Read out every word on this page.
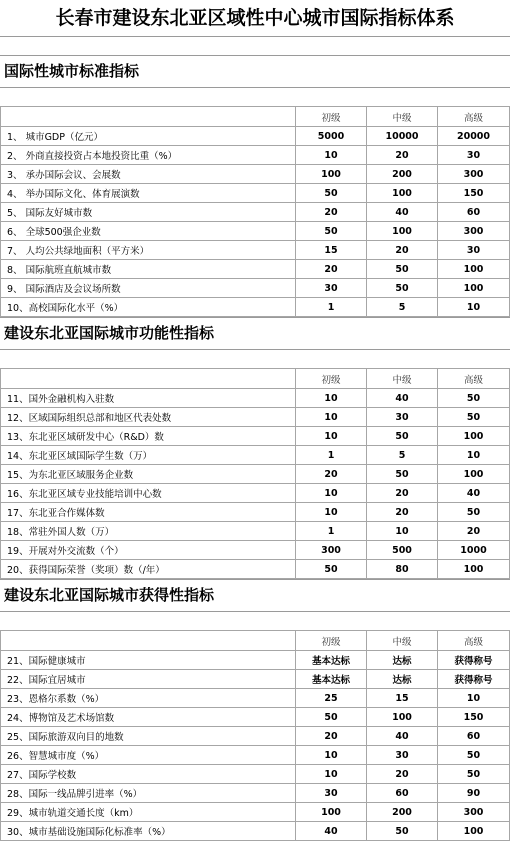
长春市建设东北亚区域性中心城市国际指标体系
国际性城市标准指标
	初级	中级	高级
1、 城市GDP（亿元）	5000	10000	20000
2、 外商直接投资占本地投资比重（%）	10	20	30
3、 承办国际会议、会展数	100	200	300
4、 举办国际文化、体育展演数	50	100	150
5、 国际友好城市数	20	40	60
6、 全球500强企业数	50	100	300
7、 人均公共绿地面积（平方米）	15	20	30
8、 国际航班直航城市数	20	50	100
9、 国际酒店及会议场所数	30	50	100
10、高校国际化水平（%）	1	5	10
建设东北亚国际城市功能性指标
	初级	中级	高级
11、国外金融机构入驻数	10	40	50
12、区域国际组织总部和地区代表处数	10	30	50
13、东北亚区域研发中心（R&D）数	10	50	100
14、东北亚区域国际学生数（万）	1	5	10
15、为东北亚区域服务企业数	20	50	100
16、东北亚区域专业技能培训中心数	10	20	40
17、东北亚合作媒体数	10	20	50
18、常驻外国人数（万）	1	10	20
19、开展对外交流数（个）	300	500	1000
20、获得国际荣誉（奖项）数（/年）	50	80	100
建设东北亚国际城市获得性指标
	初级	中级	高级
21、国际健康城市	基本达标	达标	获得称号
22、国际宜居城市	基本达标	达标	获得称号
23、恩格尔系数（%）	25	15	10
24、博物馆及艺术场馆数	50	100	150
25、国际旅游双向目的地数	20	40	60
26、智慧城市度（%）	10	30	50
27、国际学校数	10	20	50
28、国际一线品牌引进率（%）	30	60	90
29、城市轨道交通长度（km）	100	200	300
30、城市基础设施国际化标准率（%）	40	50	100
